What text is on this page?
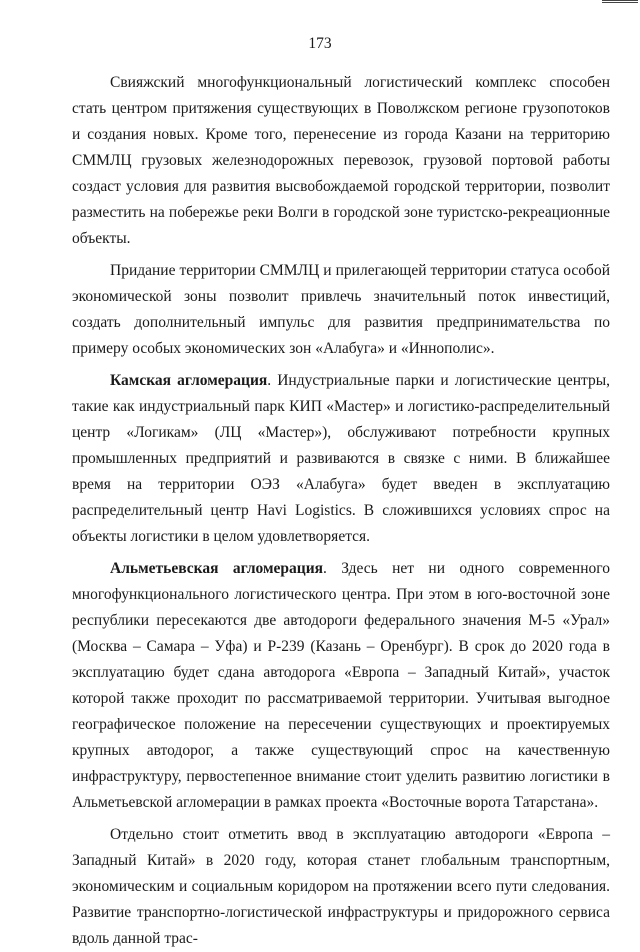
173

Свияжский многофункциональный логистический комплекс способен стать центром притяжения существующих в Поволжском регионе грузопотоков и создания новых. Кроме того, перенесение из города Казани на территорию СММЛЦ грузовых железнодорожных перевозок, грузовой портовой работы создаст условия для развития высвобождаемой городской территории, позволит разместить на побережье реки Волги в городской зоне туристско-рекреационные объекты.

Придание территории СММЛЦ и прилегающей территории статуса особой экономической зоны позволит привлечь значительный поток инвестиций, создать дополнительный импульс для развития предпринимательства по примеру особых экономических зон «Алабуга» и «Иннополис».

Камская агломерация. Индустриальные парки и логистические центры, такие как индустриальный парк КИП «Мастер» и логистико-распределительный центр «Логикам» (ЛЦ «Мастер»), обслуживают потребности крупных промышленных предприятий и развиваются в связке с ними. В ближайшее время на территории ОЭЗ «Алабуга» будет введен в эксплуатацию распределительный центр Havi Logistics. В сложившихся условиях спрос на объекты логистики в целом удовлетворяется.

Альметьевская агломерация. Здесь нет ни одного современного многофункционального логистического центра. При этом в юго-восточной зоне республики пересекаются две автодороги федерального значения М-5 «Урал» (Москва – Самара – Уфа) и Р-239 (Казань – Оренбург). В срок до 2020 года в эксплуатацию будет сдана автодорога «Европа – Западный Китай», участок которой также проходит по рассматриваемой территории. Учитывая выгодное географическое положение на пересечении существующих и проектируемых крупных автодорог, а также существующий спрос на качественную инфраструктуру, первостепенное внимание стоит уделить развитию логистики в Альметьевской агломерации в рамках проекта «Восточные ворота Татарстана».

Отдельно стоит отметить ввод в эксплуатацию автодороги «Европа – Западный Китай» в 2020 году, которая станет глобальным транспортным, экономическим и социальным коридором на протяжении всего пути следования. Развитие транспортно-логистической инфраструктуры и придорожного сервиса вдоль данной трас-
